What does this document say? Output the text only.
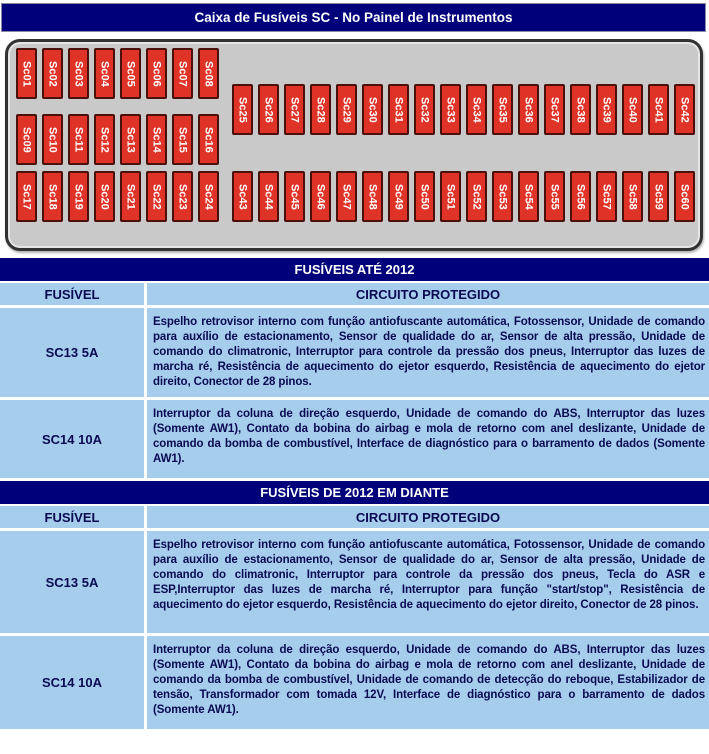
Caixa de Fusíveis SC - No Painel de Instrumentos
Sc01 Sc02 Sc03 Sc04 Sc05 Sc06 Sc07 Sc08
Sc09 Sc10 Sc11 Sc12 Sc13 Sc14 Sc15 Sc16
Sc17 Sc18 Sc19 Sc20 Sc21 Sc22 Sc23 Sc24
Sc25 Sc26 Sc27 Sc28 Sc29 Sc30 Sc31 Sc32 Sc33 Sc34 Sc35 Sc36 Sc37 Sc38 Sc39 Sc40 Sc41 Sc42
Sc43 Sc44 Sc45 Sc46 Sc47 Sc48 Sc49 Sc50 Sc51 Sc52 Sc53 Sc54 Sc55 Sc56 Sc57 Sc58 Sc59 Sc60
FUSÍVEIS ATÉ 2012
FUSÍVEL	CIRCUITO PROTEGIDO
SC13 5A
Espelho retrovisor interno com função antiofuscante automática, Fotossensor, Unidade de comando para auxílio de estacionamento, Sensor de qualidade do ar, Sensor de alta pressão, Unidade de comando do climatronic, Interruptor para controle da pressão dos pneus, Interruptor das luzes de marcha ré, Resistência de aquecimento do ejetor esquerdo, Resistência de aquecimento do ejetor direito, Conector de 28 pinos.
SC14 10A
Interruptor da coluna de direção esquerdo, Unidade de comando do ABS, Interruptor das luzes (Somente AW1), Contato da bobina do airbag e mola de retorno com anel deslizante, Unidade de comando da bomba de combustível, Interface de diagnóstico para o barramento de dados (Somente AW1).
FUSÍVEIS DE 2012 EM DIANTE
FUSÍVEL	CIRCUITO PROTEGIDO
SC13 5A
Espelho retrovisor interno com função antiofuscante automática, Fotossensor, Unidade de comando para auxílio de estacionamento, Sensor de qualidade do ar, Sensor de alta pressão, Unidade de comando do climatronic, Interruptor para controle da pressão dos pneus, Tecla do ASR e ESP,Interruptor das luzes de marcha ré, Interruptor para função "start/stop", Resistência de aquecimento do ejetor esquerdo, Resistência de aquecimento do ejetor direito, Conector de 28 pinos.
SC14 10A
Interruptor da coluna de direção esquerdo, Unidade de comando do ABS, Interruptor das luzes (Somente AW1), Contato da bobina do airbag e mola de retorno com anel deslizante, Unidade de comando da bomba de combustível, Unidade de comando de detecção do reboque, Estabilizador de tensão, Transformador com tomada 12V, Interface de diagnóstico para o barramento de dados (Somente AW1).
